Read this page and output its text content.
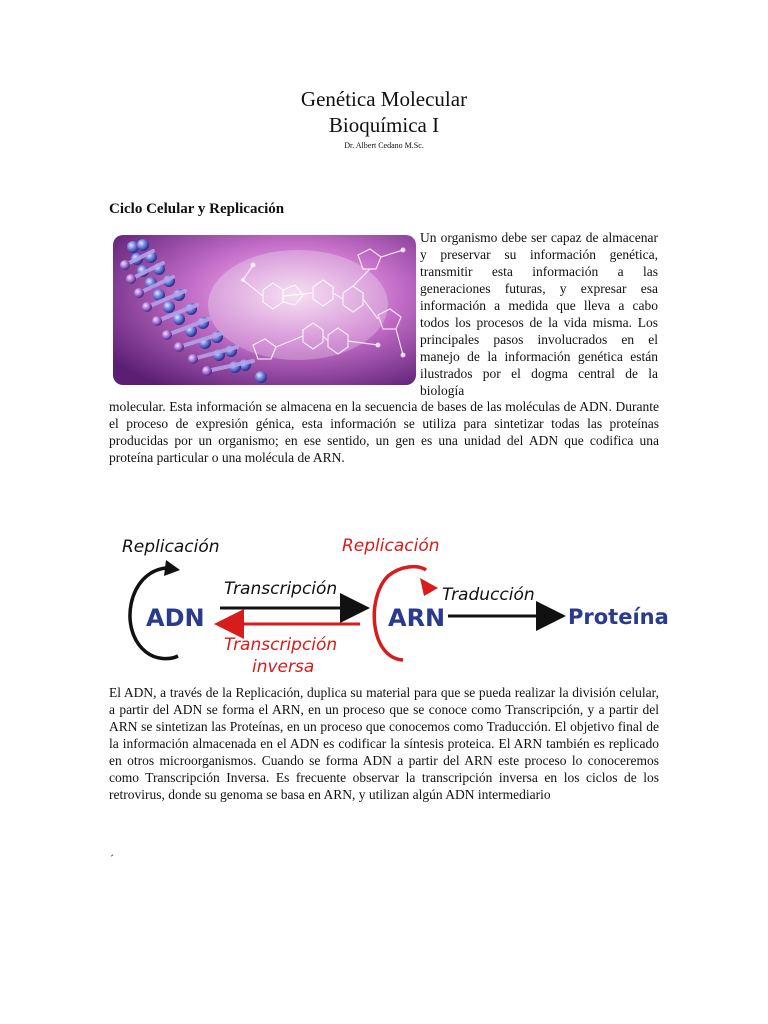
Genética Molecular
Bioquímica I
Dr. Albert Cedano M.Sc.
Ciclo Celular y Replicación
Un organismo debe ser capaz de almacenar y preservar su información genética, transmitir esta información a las generaciones futuras, y expresar esa información a medida que lleva a cabo todos los procesos de la vida misma. Los principales pasos involucrados en el manejo de la información genética están ilustrados por el dogma central de la biología
molecular. Esta información se almacena en la secuencia de bases de las moléculas de ADN. Durante el proceso de expresión génica, esta información se utiliza para sintetizar todas las proteínas producidas por un organismo; en ese sentido, un gen es una unidad del ADN que codifica una proteína particular o una molécula de ARN.
Replicación	Replicación
ADN
Transcripción
Transcripción
inversa
ARN
Traducción
Proteína
El ADN, a través de la Replicación, duplica su material para que se pueda realizar la división celular, a partir del ADN se forma el ARN, en un proceso que se conoce como Transcripción, y a partir del ARN se sintetizan las Proteínas, en un proceso que conocemos como Traducción. El objetivo final de la información almacenada en el ADN es codificar la síntesis proteica. El ARN también es replicado en otros microorganismos. Cuando se forma ADN a partir del ARN este proceso lo conoceremos como Transcripción Inversa. Es frecuente observar la transcripción inversa en los ciclos de los retrovirus, donde su genoma se basa en ARN, y utilizan algún ADN intermediario
´
